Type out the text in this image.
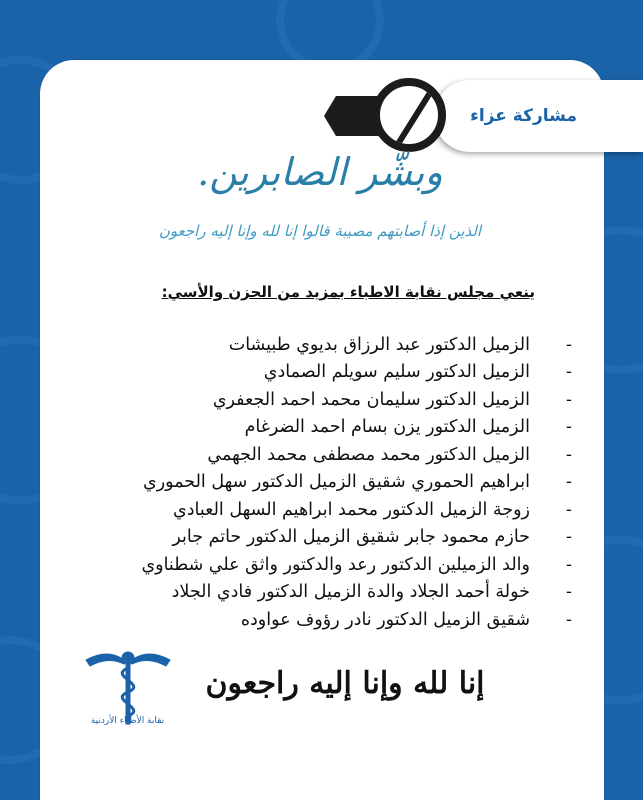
مشاركة عزاء
وبشّر الصابرين.
الذين إذا أصابتهم مصيبة قالوا إنا لله وإنا إليه راجعون
ينعي مجلس نقابة الاطباء بمزيد من الحزن والأسي:
-
الزميل الدكتور عبد الرزاق بديوي طبيشات
-
الزميل الدكتور سليم سويلم الصمادي
-
الزميل الدكتور سليمان محمد احمد الجعفري
-
الزميل الدكتور يزن بسام احمد الضرغام
-
الزميل الدكتور محمد مصطفى محمد الجهمي
-
ابراهيم الحموري شقيق الزميل الدكتور سهل الحموري
-
زوجة الزميل الدكتور محمد ابراهيم السهل العبادي
-
حازم محمود جابر شقيق الزميل الدكتور حاتم جابر
-
والد الزميلين الدكتور رعد والدكتور واثق علي شطناوي
-
خولة أحمد الجلاد والدة الزميل الدكتور فادي الجلاد
-
شقيق الزميل الدكتور نادر رؤوف عواوده
نقابة الأطباء الأردنية
إنا لله وإنا إليه راجعون
